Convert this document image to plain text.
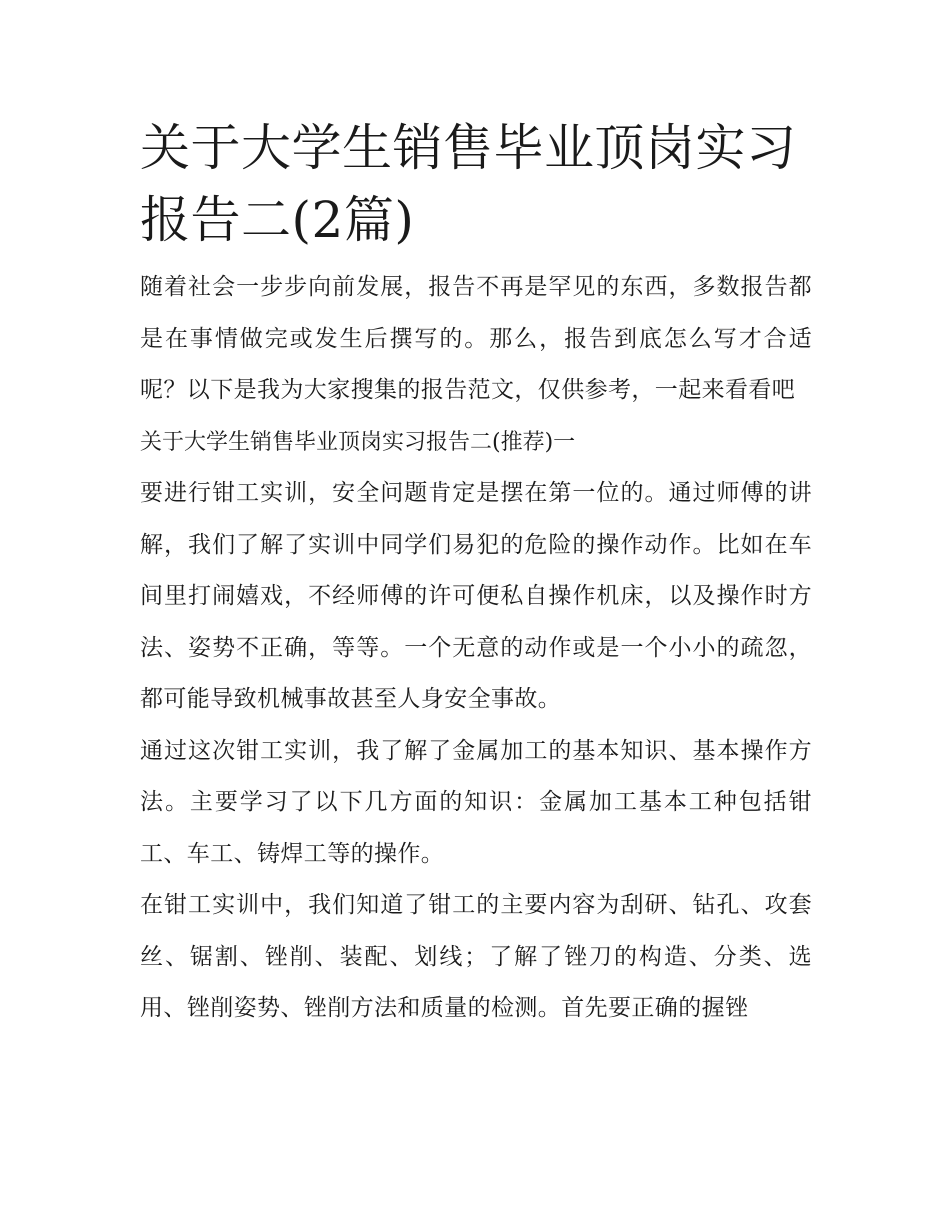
关于大学生销售毕业顶岗实习报告二(2篇)

随着社会一步步向前发展，报告不再是罕见的东西，多数报告都是在事情做完或发生后撰写的。那么，报告到底怎么写才合适呢？以下是我为大家搜集的报告范文，仅供参考，一起来看看吧

关于大学生销售毕业顶岗实习报告二(推荐)一

要进行钳工实训，安全问题肯定是摆在第一位的。通过师傅的讲解，我们了解了实训中同学们易犯的危险的操作动作。比如在车间里打闹嬉戏，不经师傅的许可便私自操作机床，以及操作时方法、姿势不正确，等等。一个无意的动作或是一个小小的疏忽，都可能导致机械事故甚至人身安全事故。

通过这次钳工实训，我了解了金属加工的基本知识、基本操作方法。主要学习了以下几方面的知识：金属加工基本工种包括钳工、车工、铸焊工等的操作。

在钳工实训中，我们知道了钳工的主要内容为刮研、钻孔、攻套丝、锯割、锉削、装配、划线；了解了锉刀的构造、分类、选用、锉削姿势、锉削方法和质量的检测。首先要正确的握锉
